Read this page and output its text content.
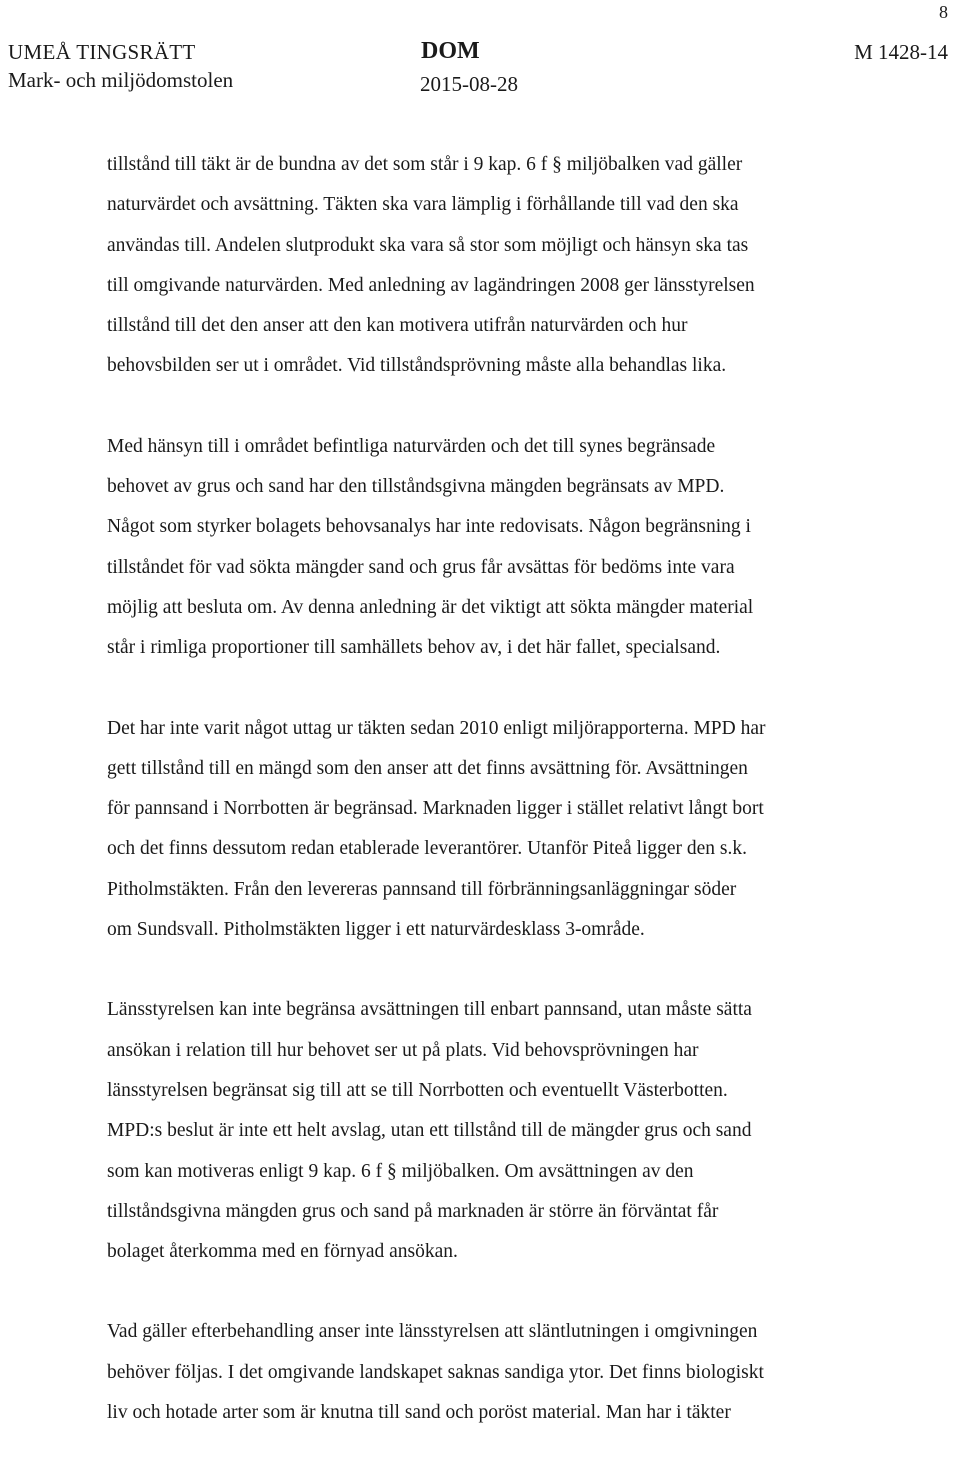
8
UMEÅ TINGSRÄTT
Mark- och miljödomstolen
DOM
2015-08-28
M 1428-14
tillstånd till täkt är de bundna av det som står i 9 kap. 6 f § miljöbalken vad gäller
naturvärdet och avsättning. Täkten ska vara lämplig i förhållande till vad den ska
användas till. Andelen slutprodukt ska vara så stor som möjligt och hänsyn ska tas
till omgivande naturvärden. Med anledning av lagändringen 2008 ger länsstyrelsen
tillstånd till det den anser att den kan motivera utifrån naturvärden och hur
behovsbilden ser ut i området. Vid tillståndsprövning måste alla behandlas lika.
Med hänsyn till i området befintliga naturvärden och det till synes begränsade
behovet av grus och sand har den tillståndsgivna mängden begränsats av MPD.
Något som styrker bolagets behovsanalys har inte redovisats. Någon begränsning i
tillståndet för vad sökta mängder sand och grus får avsättas för bedöms inte vara
möjlig att besluta om. Av denna anledning är det viktigt att sökta mängder material
står i rimliga proportioner till samhällets behov av, i det här fallet, specialsand.
Det har inte varit något uttag ur täkten sedan 2010 enligt miljörapporterna. MPD har
gett tillstånd till en mängd som den anser att det finns avsättning för. Avsättningen
för pannsand i Norrbotten är begränsad. Marknaden ligger i stället relativt långt bort
och det finns dessutom redan etablerade leverantörer. Utanför Piteå ligger den s.k.
Pitholmstäkten. Från den levereras pannsand till förbränningsanläggningar söder
om Sundsvall. Pitholmstäkten ligger i ett naturvärdesklass 3-område.
Länsstyrelsen kan inte begränsa avsättningen till enbart pannsand, utan måste sätta
ansökan i relation till hur behovet ser ut på plats. Vid behovsprövningen har
länsstyrelsen begränsat sig till att se till Norrbotten och eventuellt Västerbotten.
MPD:s beslut är inte ett helt avslag, utan ett tillstånd till de mängder grus och sand
som kan motiveras enligt 9 kap. 6 f § miljöbalken. Om avsättningen av den
tillståndsgivna mängden grus och sand på marknaden är större än förväntat får
bolaget återkomma med en förnyad ansökan.
Vad gäller efterbehandling anser inte länsstyrelsen att släntlutningen i omgivningen
behöver följas. I det omgivande landskapet saknas sandiga ytor. Det finns biologiskt
liv och hotade arter som är knutna till sand och poröst material. Man har i täkter
